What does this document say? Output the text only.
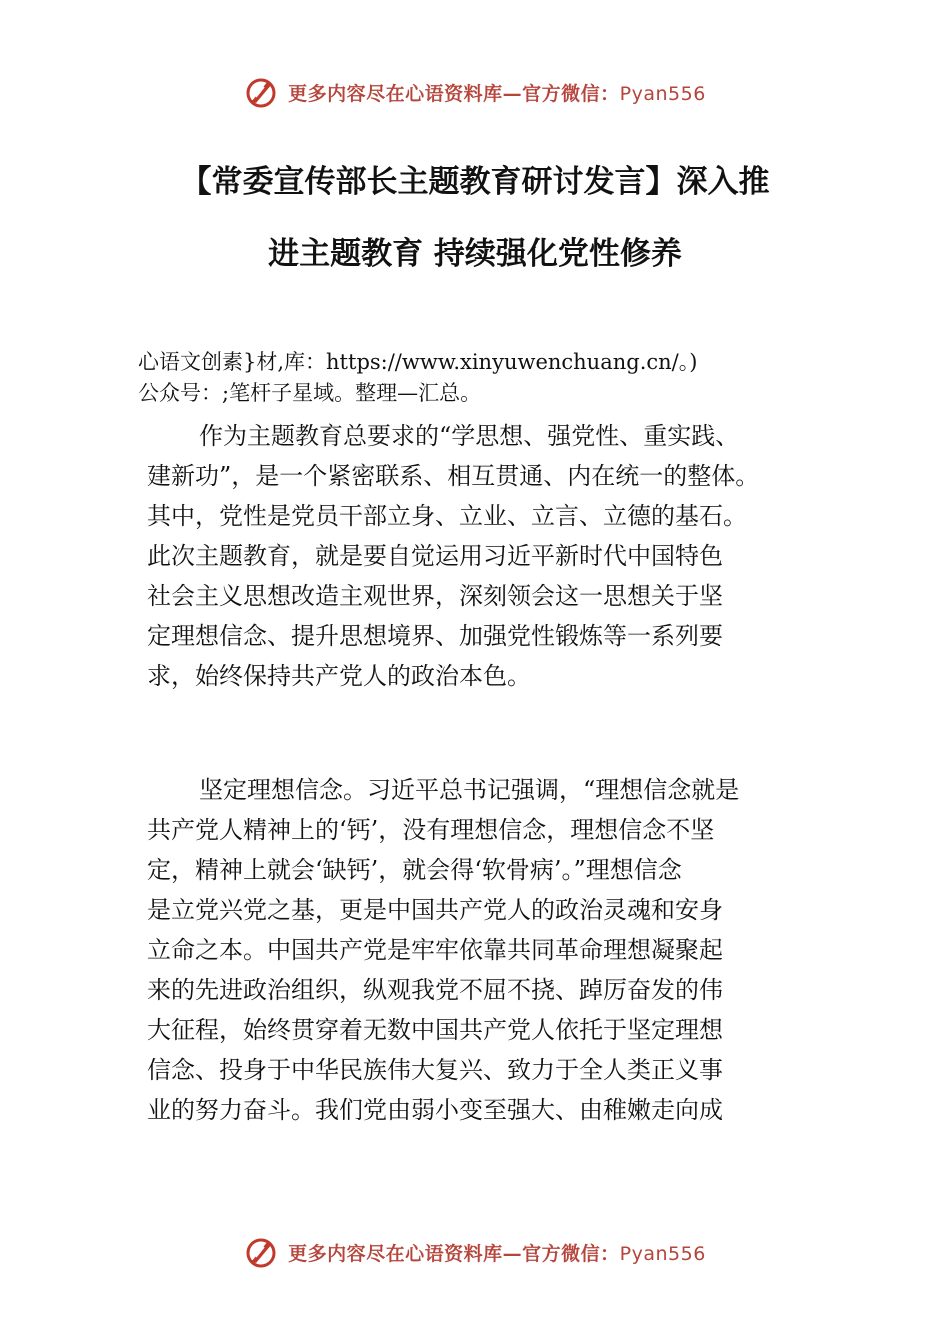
更多内容尽在心语资料库—官方微信：Pyan556
【常委宣传部长主题教育研讨发言】深入推
进主题教育 持续强化党性修养
心语文创素}材,库：https://www.xinyuwenchuang.cn/。)
公众号：;笔杆子星域。整理—汇总。
作为主题教育总要求的“学思想、强党性、重实践、
建新功”，是一个紧密联系、相互贯通、内在统一的整体。
其中，党性是党员干部立身、立业、立言、立德的基石。
此次主题教育，就是要自觉运用习近平新时代中国特色
社会主义思想改造主观世界，深刻领会这一思想关于坚
定理想信念、提升思想境界、加强党性锻炼等一系列要
求，始终保持共产党人的政治本色。
坚定理想信念。习近平总书记强调，“理想信念就是
共产党人精神上的‘钙’，没有理想信念，理想信念不坚
定，精神上就会‘缺钙’，就会得‘软骨病’。”理想信念
是立党兴党之基，更是中国共产党人的政治灵魂和安身
立命之本。中国共产党是牢牢依靠共同革命理想凝聚起
来的先进政治组织，纵观我党不屈不挠、踔厉奋发的伟
大征程，始终贯穿着无数中国共产党人依托于坚定理想
信念、投身于中华民族伟大复兴、致力于全人类正义事
业的努力奋斗。我们党由弱小变至强大、由稚嫩走向成
更多内容尽在心语资料库—官方微信：Pyan556
